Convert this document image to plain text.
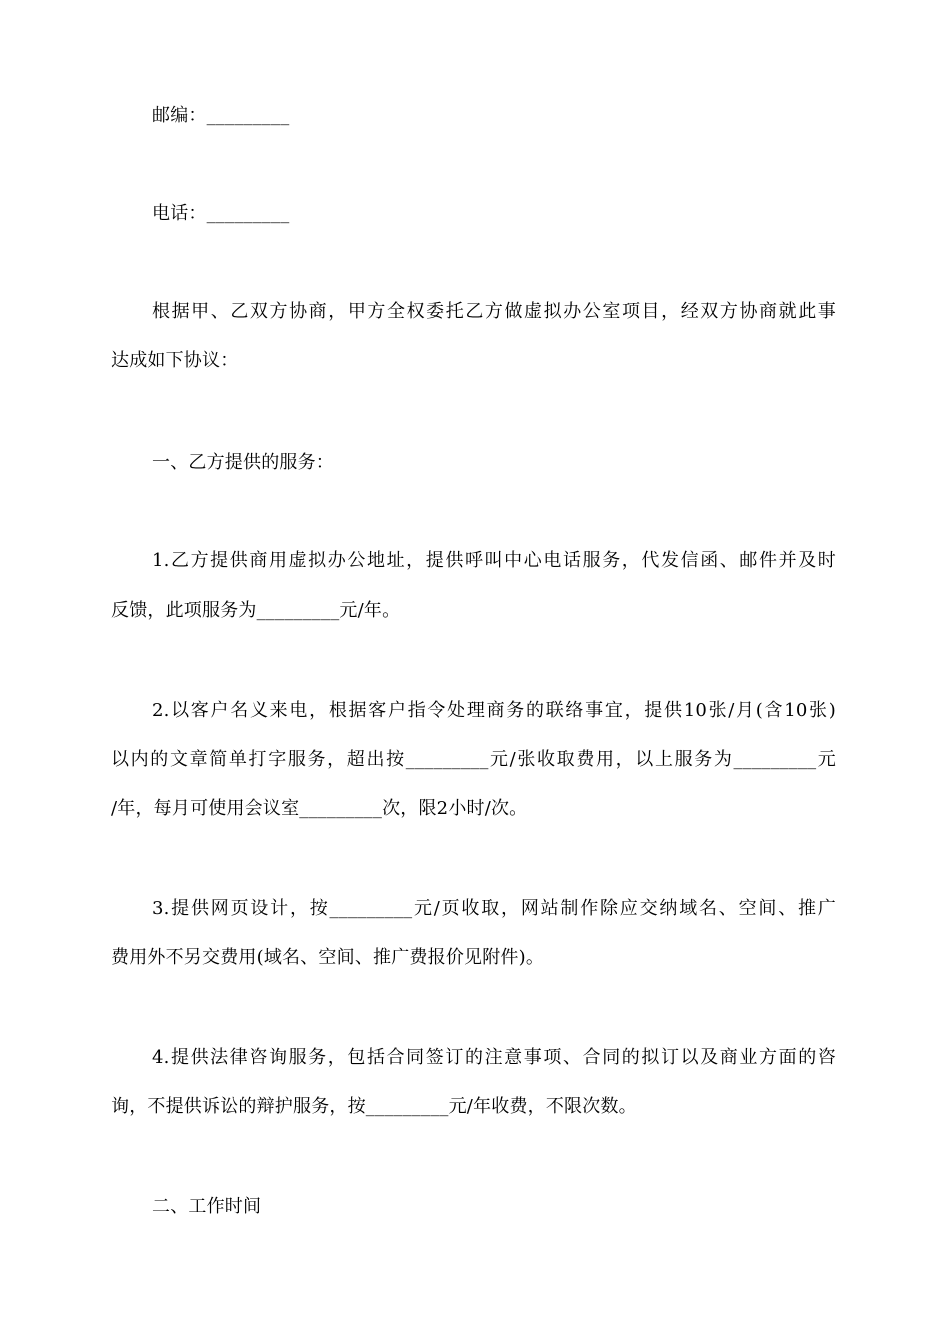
邮编：_________
电话：_________
根据甲、乙双方协商，甲方全权委托乙方做虚拟办公室项目，经双方协商就此事
达成如下协议：
一、乙方提供的服务：
1.乙方提供商用虚拟办公地址，提供呼叫中心电话服务，代发信函、邮件并及时
反馈，此项服务为_________元/年。
2.以客户名义来电，根据客户指令处理商务的联络事宜，提供10张/月(含10张)
以内的文章简单打字服务，超出按_________元/张收取费用，以上服务为_________元
/年，每月可使用会议室_________次，限2小时/次。
3.提供网页设计，按_________元/页收取，网站制作除应交纳域名、空间、推广
费用外不另交费用(域名、空间、推广费报价见附件)。
4.提供法律咨询服务，包括合同签订的注意事项、合同的拟订以及商业方面的咨
询，不提供诉讼的辩护服务，按_________元/年收费，不限次数。
二、工作时间
